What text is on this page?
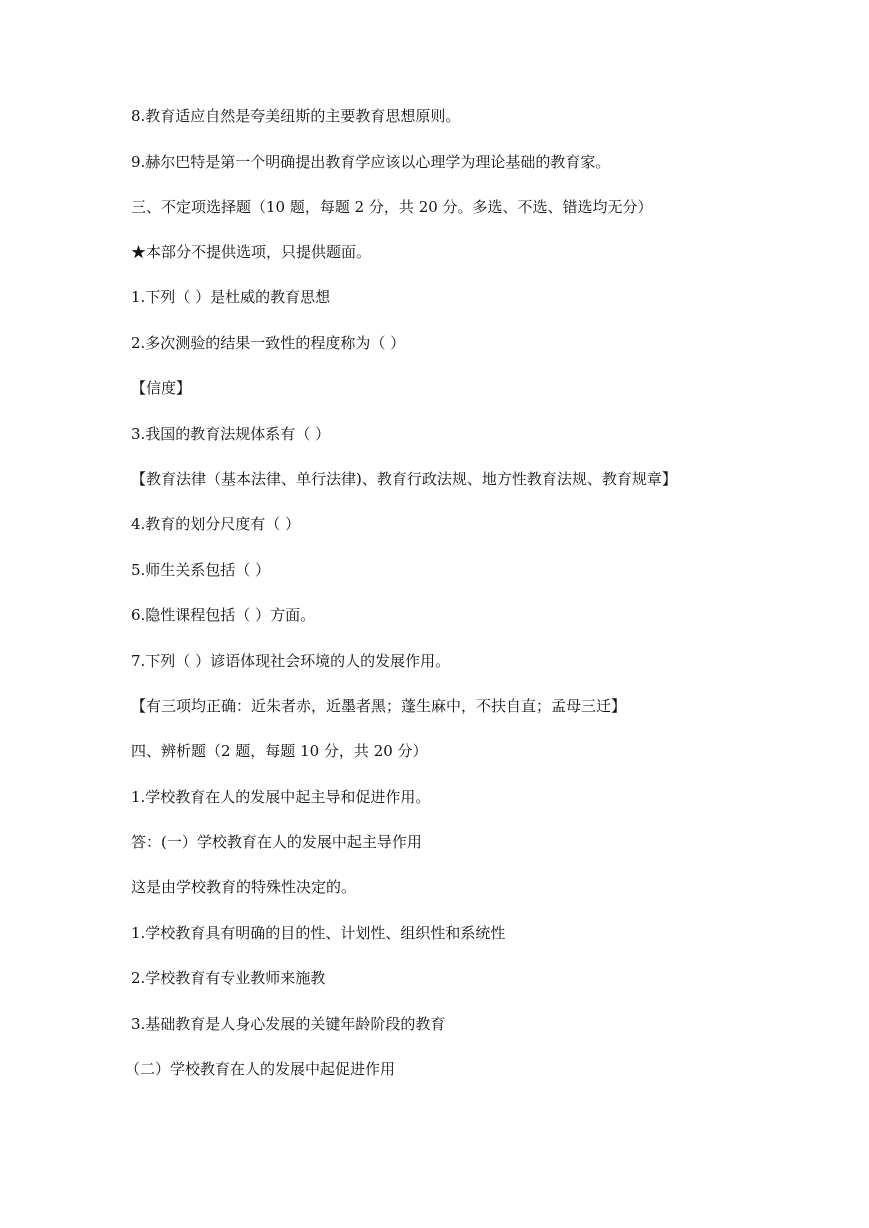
8.教育适应自然是夸美纽斯的主要教育思想原则。
9.赫尔巴特是第一个明确提出教育学应该以心理学为理论基础的教育家。
三、不定项选择题（10 题，每题 2 分，共 20 分。多选、不选、错选均无分）
★本部分不提供选项，只提供题面。
1.下列（ ）是杜威的教育思想
2.多次测验的结果一致性的程度称为（ ）
【信度】
3.我国的教育法规体系有（ ）
【教育法律（基本法律、单行法律)、教育行政法规、地方性教育法规、教育规章】
4.教育的划分尺度有（ ）
5.师生关系包括（ ）
6.隐性课程包括（ ）方面。
7.下列（ ）谚语体现社会环境的人的发展作用。
【有三项均正确：近朱者赤，近墨者黑；蓬生麻中，不扶自直；孟母三迁】
四、辨析题（2 题，每题 10 分，共 20 分）
1.学校教育在人的发展中起主导和促进作用。
答：(一）学校教育在人的发展中起主导作用
这是由学校教育的特殊性决定的。
1.学校教育具有明确的目的性、计划性、组织性和系统性
2.学校教育有专业教师来施教
3.基础教育是人身心发展的关键年龄阶段的教育
（二）学校教育在人的发展中起促进作用
